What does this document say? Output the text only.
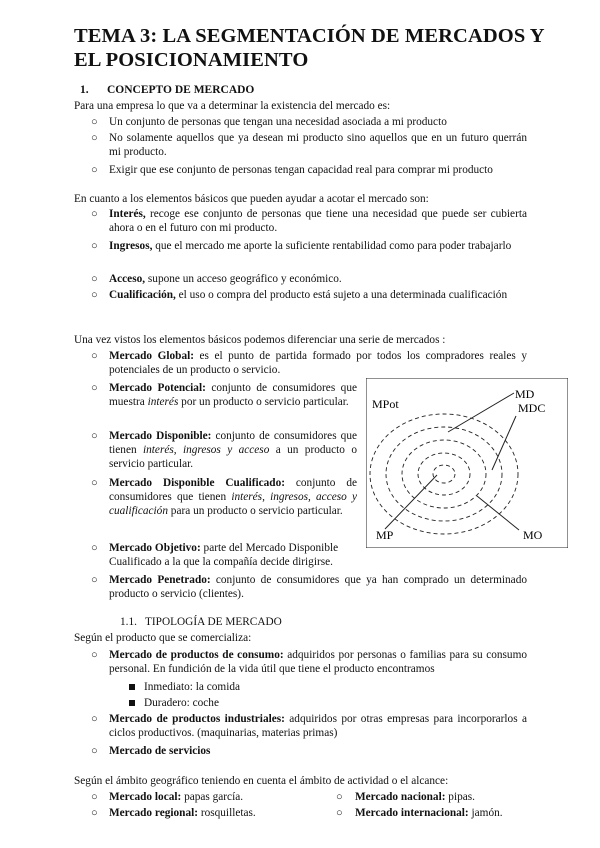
TEMA 3: LA SEGMENTACIÓN DE MERCADOS Y EL POSICIONAMIENTO
1. CONCEPTO DE MERCADO
Para una empresa lo que va a determinar la existencia del mercado es:
○ Un conjunto de personas que tengan una necesidad asociada a mi producto
○ No solamente aquellos que ya desean mi producto sino aquellos que en un futuro querrán mi producto.
○ Exigir que ese conjunto de personas tengan capacidad real para comprar mi producto
En cuanto a los elementos básicos que pueden ayudar a acotar el mercado son:
○ Interés, recoge ese conjunto de personas que tiene una necesidad que puede ser cubierta ahora o en el futuro con mi producto.
○ Ingresos, que el mercado me aporte la suficiente rentabilidad como para poder trabajarlo
○ Acceso, supone un acceso geográfico y económico.
○ Cualificación, el uso o compra del producto está sujeto a una determinada cualificación
Una vez vistos los elementos básicos podemos diferenciar una serie de mercados :
○ Mercado Global: es el punto de partida formado por todos los compradores reales y potenciales de un producto o servicio.
○ Mercado Potencial: conjunto de consumidores que muestra interés por un producto o servicio particular.
○ Mercado Disponible: conjunto de consumidores que tienen interés, ingresos y acceso a un producto o servicio particular.
○ Mercado Disponible Cualificado: conjunto de consumidores que tienen interés, ingresos, acceso y cualificación para un producto o servicio particular.
○ Mercado Objetivo: parte del Mercado Disponible Cualificado a la que la compañía decide dirigirse.
○ Mercado Penetrado: conjunto de consumidores que ya han comprado un determinado producto o servicio (clientes).
MPot
MD
MDC
MP	MO
1.1. TIPOLOGÍA DE MERCADO
Según el producto que se comercializa:
○ Mercado de productos de consumo: adquiridos por personas o familias para su consumo personal. En fundición de la vida útil que tiene el producto encontramos
Inmediato: la comida
Duradero: coche
○ Mercado de productos industriales: adquiridos por otras empresas para incorporarlos a ciclos productivos. (maquinarias, materias primas)
○ Mercado de servicios
Según el ámbito geográfico teniendo en cuenta el ámbito de actividad o el alcance:
○ Mercado local: papas garcía.
○ Mercado regional: rosquilletas.
○ Mercado nacional: pipas.
○ Mercado internacional: jamón.
